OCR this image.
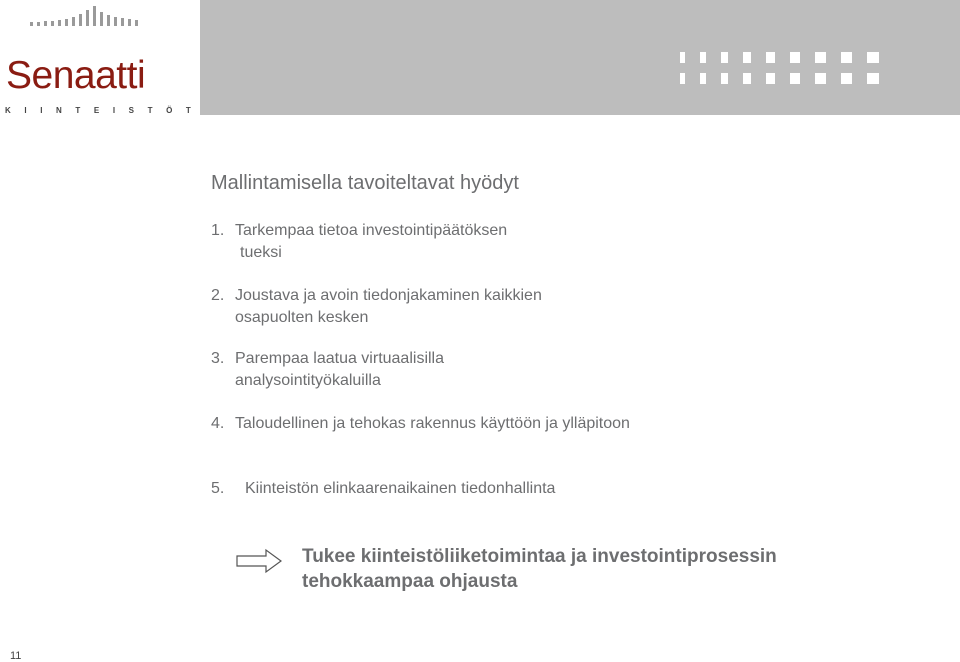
Senaatti
KIINTEISTÖT
Mallintamisella tavoiteltavat hyödyt
1. Tarkempaa tietoa investointipäätöksen
tueksi
2. Joustava ja avoin tiedonjakaminen kaikkien
osapuolten kesken
3. Parempaa laatua virtuaalisilla
analysointityökaluilla
4. Taloudellinen ja tehokas rakennus käyttöön ja ylläpitoon
5. Kiinteistön elinkaarenaikainen tiedonhallinta
Tukee kiinteistöliiketoimintaa ja investointiprosessin
tehokkaampaa ohjausta
11
